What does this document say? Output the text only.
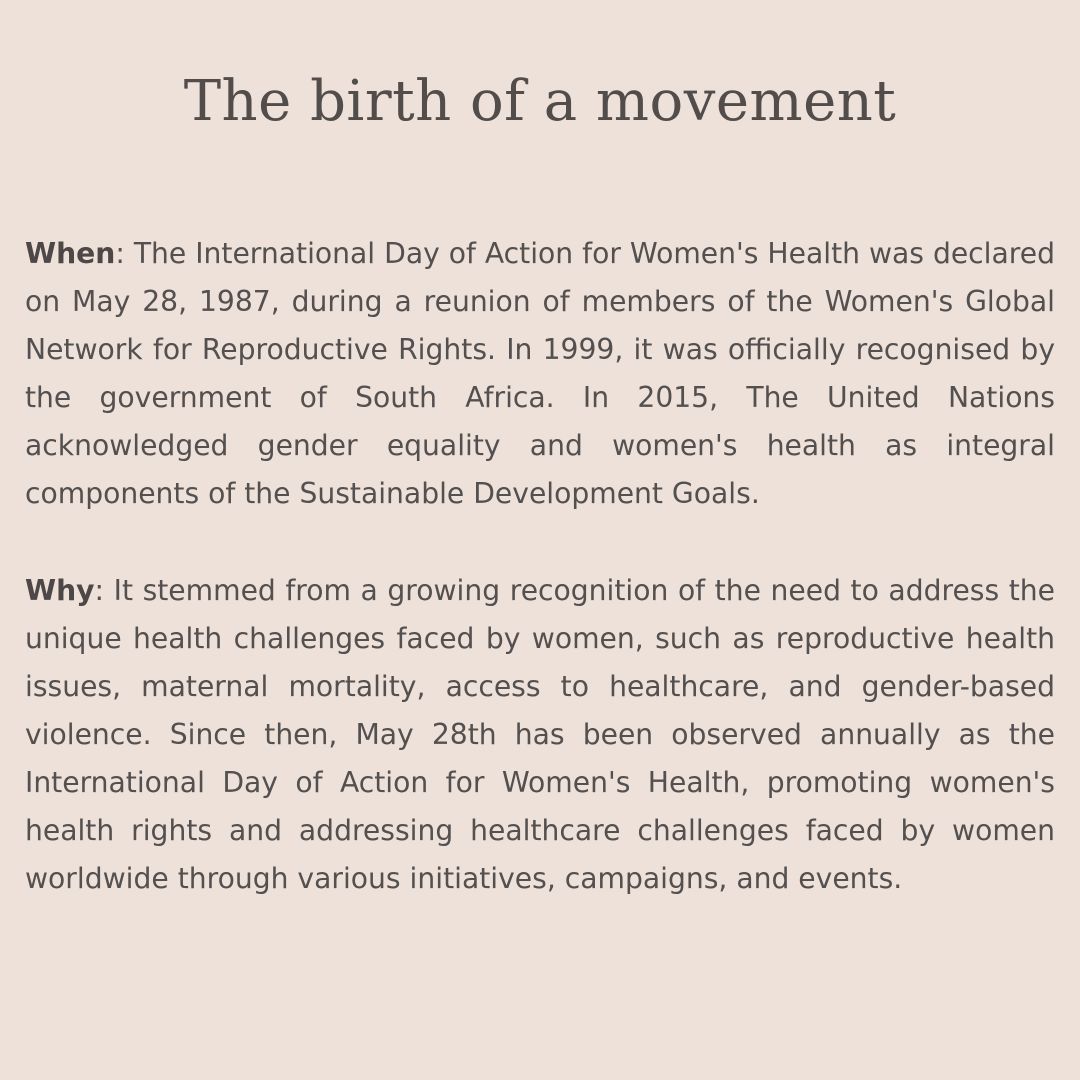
The birth of a movement

When: The International Day of Action for Women's Health was declared on May 28, 1987, during a reunion of members of the Women's Global Network for Reproductive Rights. In 1999, it was officially recognised by the government of South Africa. In 2015, The United Nations acknowledged gender equality and women's health as integral components of the Sustainable Development Goals.

Why: It stemmed from a growing recognition of the need to address the unique health challenges faced by women, such as reproductive health issues, maternal mortality, access to healthcare, and gender-based violence. Since then, May 28th has been observed annually as the International Day of Action for Women's Health, promoting women's health rights and addressing healthcare challenges faced by women worldwide through various initiatives, campaigns, and events.
